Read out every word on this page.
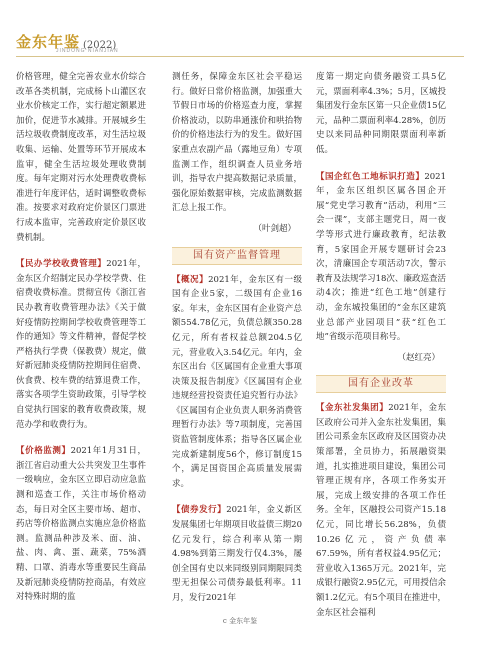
金东年鉴 (2022)
JINDONG NIANJIAN

价格管理，健全完善农业水价综合改革各类机制，完成杨卜山灌区农业水价核定工作，实行超定额累进加价，促进节水减排。开展城乡生活垃圾收费制度改革，对生活垃圾收集、运输、处置等环节开展成本监审，健全生活垃圾处理收费制度。每年定期对污水处理费收费标准进行年度评估，适时调整收费标准。按要求对政府定价景区门票进行成本监审，完善政府定价景区收费机制。

【民办学校收费管理】2021年，金东区介绍制定民办学校学费、住宿费收费标准。贯彻宣传《浙江省民办教育收费管理办法》《关于做好疫情防控期间学校收费管理等工作的通知》等文件精神，督促学校严格执行学费（保教费）规定，做好新冠肺炎疫情防控期间住宿费、伙食费、校车费的结算退费工作，落实各项学生资助政策，引导学校自觉执行国家的教育收费政策，规范办学和收费行为。

【价格监测】2021年1月31日，浙江省启动重大公共突发卫生事件一级响应，金东区立即启动应急监测和巡查工作，关注市场价格动态，每日对全区主要市场、超市、药店等价格监测点实施应急价格监测。监测品种涉及米、面、油、盐、肉、禽、蛋、蔬菜，75%酒精、口罩、消毒水等重要民生商品及新冠肺炎疫情防控商品，有效应对特殊时期的监

测任务，保障金东区社会平稳运行。做好日常价格监测，加强重大节假日市场的价格巡查力度，掌握价格波动，以防串通涨价和哄抬物价的价格违法行为的发生。做好国家重点农副产品（露地豆角）专项监测工作，组织调查人员业务培训，指导农户提高数据记录质量，强化原始数据审核，完成监测数据汇总上报工作。

（叶剑超）

国有资产监督管理

【概况】2021年，金东区有一级国有企业5家，二级国有企业16家。年末，金东区国有企业资产总额554.78亿元，负债总额350.28亿元，所有者权益总额204.5亿元，营业收入3.54亿元。年内，金东区出台《区属国有企业重大事项决策及报告制度》《区属国有企业违规经营投资责任追究暂行办法》《区属国有企业负责人职务消费管理暂行办法》等7项制度，完善国资监管制度体系；指导各区属企业完成新建制度56个，修订制度15个，满足国资国企高质量发展需求。

【债券发行】2021年，金义新区发展集团七年期项目收益债三期20亿元发行，综合利率从第一期4.98%到第三期发行仅4.3%，屡创全国有史以来同级别同期限同类型无担保公司债券最低利率。11月，发行2021年

度第一期定向债务融资工具5亿元，票面利率4.3%；5月，区城投集团发行金东区第一只企业债15亿元，品种二票面利率4.28%，创历史以来同品种同期限票面利率新低。

【国企红色工地标识打造】2021年，金东区组织区属各国企开展“党史学习教育”活动，利用“三会一课”，支部主题党日，周一夜学等形式进行廉政教育，纪法教育，5家国企开展专题研讨会23次，清廉国企专项活动7次，警示教育及法规学习18次、廉政巡查活动4次；推进“红色工地”创建行动，金东城投集团的“金东区建筑业总部产业园项目”获“红色工地”省级示范项目称号。

（赵红亮）

国有企业改革

【金东社发集团】2021年，金东区政府公司并入金东社发集团，集团公司系金东区政府及区国资办决策部署，全员协力，拓展融资渠道，扎实推进项目建设，集团公司管理正规有序，各项工作务实开展，完成上级安排的各项工作任务。全年，区融投公司资产15.18亿元，同比增长56.28%，负债10.26亿元，资产负债率67.59%，所有者权益4.95亿元；营业收入1365万元。2021年，完成银行融资2.95亿元，可用授信余额1.2亿元。有5个项目在推进中，金东区社会福利

c 金东年鉴
